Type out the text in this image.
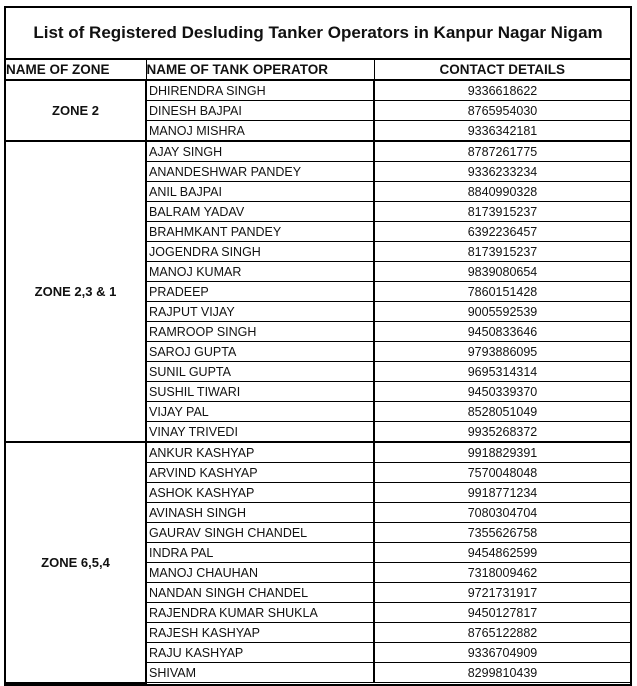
List of Registered Desluding Tanker Operators in Kanpur Nagar Nigam
NAME OF ZONE	NAME OF TANK OPERATOR	CONTACT DETAILS
ZONE 2	DHIRENDRA SINGH	9336618622
	DINESH BAJPAI	8765954030
	MANOJ MISHRA	9336342181
ZONE 2,3 & 1	AJAY SINGH	8787261775
	ANANDESHWAR PANDEY	9336233234
	ANIL BAJPAI	8840990328
	BALRAM YADAV	8173915237
	BRAHMKANT PANDEY	6392236457
	JOGENDRA SINGH	8173915237
	MANOJ KUMAR	9839080654
	PRADEEP	7860151428
	RAJPUT VIJAY	9005592539
	RAMROOP SINGH	9450833646
	SAROJ GUPTA	9793886095
	SUNIL GUPTA	9695314314
	SUSHIL TIWARI	9450339370
	VIJAY PAL	8528051049
	VINAY TRIVEDI	9935268372
ZONE 6,5,4	ANKUR KASHYAP	9918829391
	ARVIND KASHYAP	7570048048
	ASHOK KASHYAP	9918771234
	AVINASH SINGH	7080304704
	GAURAV SINGH CHANDEL	7355626758
	INDRA PAL	9454862599
	MANOJ CHAUHAN	7318009462
	NANDAN SINGH CHANDEL	9721731917
	RAJENDRA KUMAR SHUKLA	9450127817
	RAJESH KASHYAP	8765122882
	RAJU KASHYAP	9336704909
	SHIVAM	8299810439
